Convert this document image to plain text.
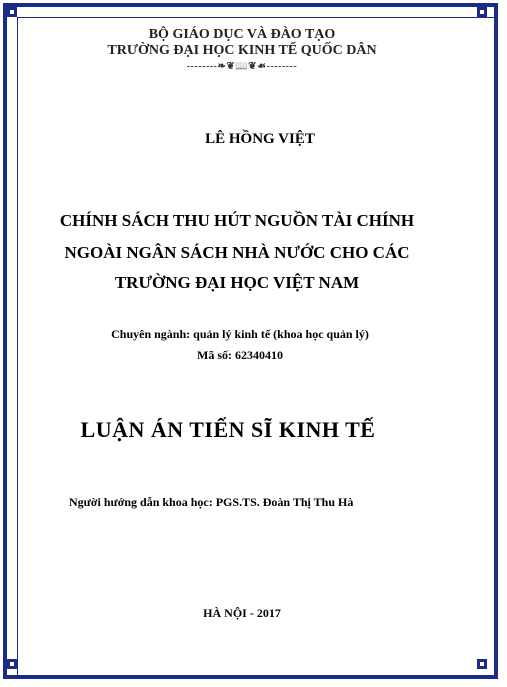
BỘ GIÁO DỤC VÀ ĐÀO TẠO
TRƯỜNG ĐẠI HỌC KINH TẾ QUỐC DÂN
--------❧❦📖❦☙--------
LÊ HỒNG VIỆT
CHÍNH SÁCH THU HÚT NGUỒN TÀI CHÍNH
NGOÀI NGÂN SÁCH NHÀ NƯỚC CHO CÁC
TRƯỜNG ĐẠI HỌC VIỆT NAM
Chuyên ngành: quản lý kinh tế (khoa học quản lý)
Mã số: 62340410
LUẬN ÁN TIẾN SĨ KINH TẾ
Người hướng dẫn khoa học: PGS.TS. Đoàn Thị Thu Hà
HÀ NỘI - 2017
